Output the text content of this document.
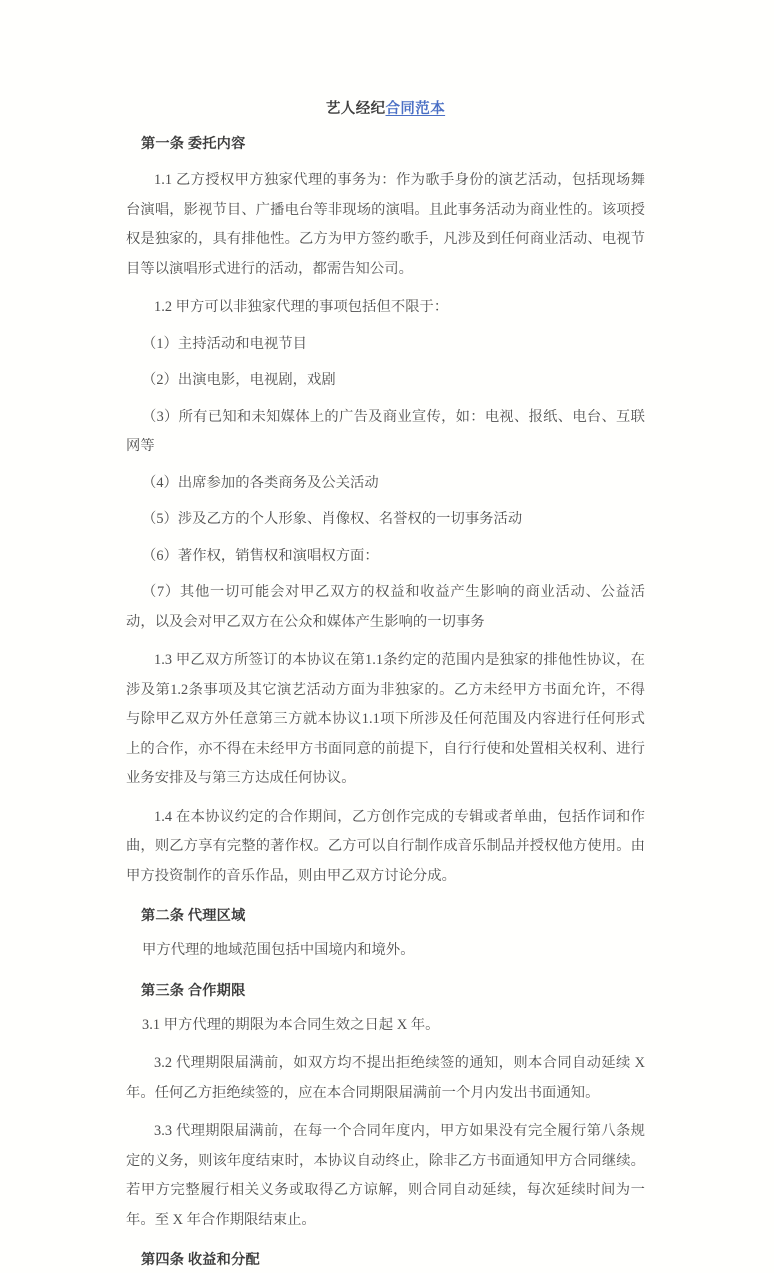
艺人经纪合同范本

第一条 委托内容

1.1 乙方授权甲方独家代理的事务为：作为歌手身份的演艺活动，包括现场舞台演唱，影视节目、广播电台等非现场的演唱。且此事务活动为商业性的。该项授权是独家的，具有排他性。乙方为甲方签约歌手，凡涉及到任何商业活动、电视节目等以演唱形式进行的活动，都需告知公司。

1.2 甲方可以非独家代理的事项包括但不限于：

（1）主持活动和电视节目

（2）出演电影，电视剧，戏剧

（3）所有已知和未知媒体上的广告及商业宣传，如：电视、报纸、电台、互联网等

（4）出席参加的各类商务及公关活动

（5）涉及乙方的个人形象、肖像权、名誉权的一切事务活动

（6）著作权，销售权和演唱权方面：

（7）其他一切可能会对甲乙双方的权益和收益产生影响的商业活动、公益活动，以及会对甲乙双方在公众和媒体产生影响的一切事务

1.3 甲乙双方所签订的本协议在第1.1条约定的范围内是独家的排他性协议，在涉及第1.2条事项及其它演艺活动方面为非独家的。乙方未经甲方书面允许，不得与除甲乙双方外任意第三方就本协议1.1项下所涉及任何范围及内容进行任何形式上的合作，亦不得在未经甲方书面同意的前提下，自行行使和处置相关权利、进行业务安排及与第三方达成任何协议。

1.4 在本协议约定的合作期间，乙方创作完成的专辑或者单曲，包括作词和作曲，则乙方享有完整的著作权。乙方可以自行制作成音乐制品并授权他方使用。由甲方投资制作的音乐作品，则由甲乙双方讨论分成。

第二条 代理区域

甲方代理的地域范围包括中国境内和境外。

第三条 合作期限

3.1 甲方代理的期限为本合同生效之日起 X 年。

3.2 代理期限届满前，如双方均不提出拒绝续签的通知，则本合同自动延续 X 年。任何乙方拒绝续签的，应在本合同期限届满前一个月内发出书面通知。

3.3 代理期限届满前，在每一个合同年度内，甲方如果没有完全履行第八条规定的义务，则该年度结束时，本协议自动终止，除非乙方书面通知甲方合同继续。若甲方完整履行相关义务或取得乙方谅解，则合同自动延续，每次延续时间为一年。至 X 年合作期限结束止。

第四条 收益和分配
